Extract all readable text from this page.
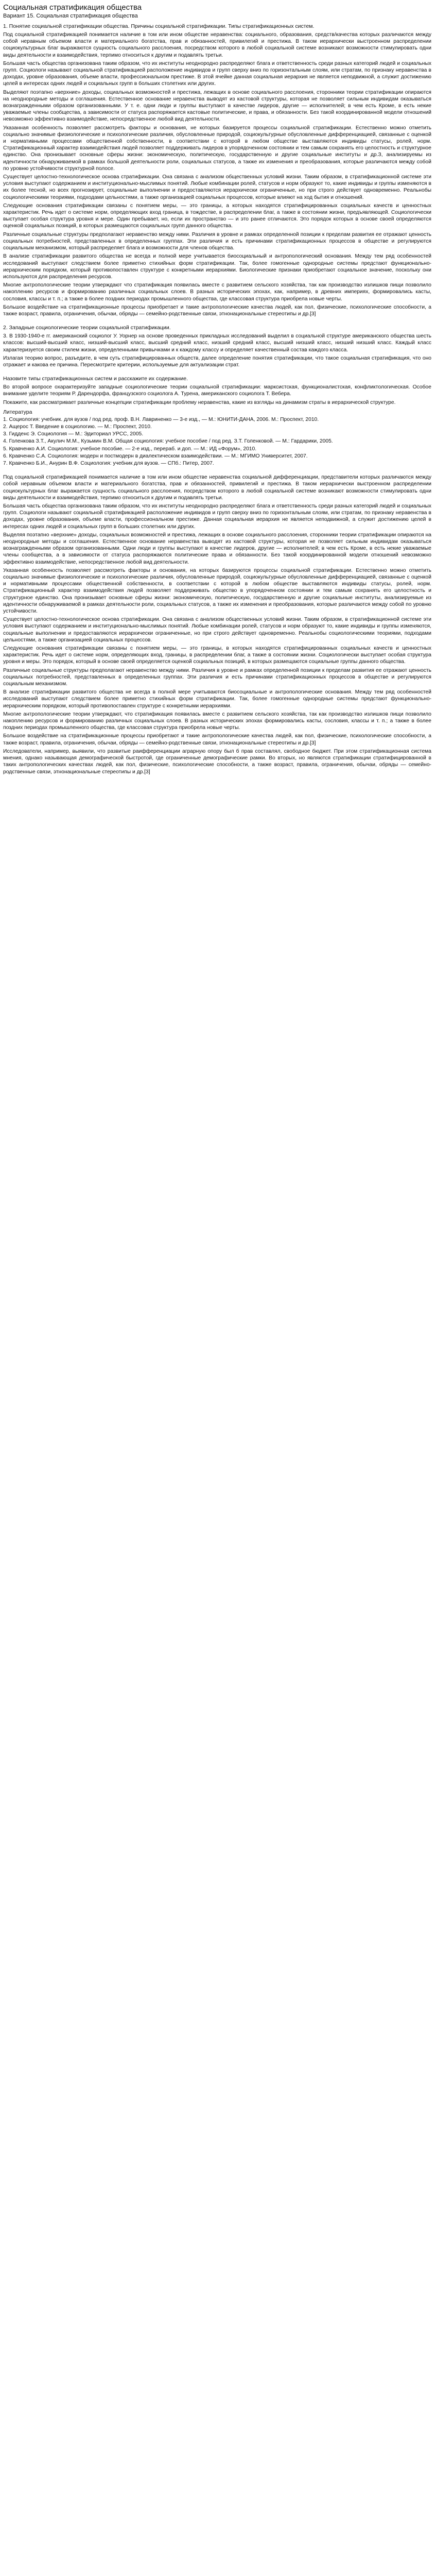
Социальная стратификация общества
Вариант 15. Социальная стратификация общества
1. Понятие социальной стратификации общества. Причины социальной стратификации. Типы стратификационных систем.

Под социальной стратификацией понимается наличие в том или ином обществе неравенства: социального, образования, средств/качества которых различаются между собой неравным объемом власти и материального богатства, прав и обязанностей, привилегий и престижа. В таком иерархически выстроенном распределении социокультурных благ выражаются сущность социального расслоения, посредством которого в любой социальной системе возникают возможности стимулировать одни виды деятельности и взаимодействия, терпимо относиться к другим и подавлять третьи.

Большая часть общества организована таким образом, что их институты неоднородно распределяют блага и ответственность среди разных категорий людей и социальных групп. Социологи называют социальной стратификацией расположение индивидов и групп сверху вниз по горизонтальным слоям, или стратам, по признаку неравенства в доходах, уровне образования, объеме власти, профессиональном престиже. В этой ячейке данная социальная иерархия не является неподвижной, а служит достижению целей в интересах одних людей и социальных групп в больших столетних или других.

Выделяют поэтапно «верхние» доходы, социальных возможностей и престижа, лежащих в основе социального расслоения, сторонники теории стратификации опираются на неоднородные методы и соглашения. Естественное основание неравенства выводят из кастовой структуры, которая не позволяет сильным индивидам оказываться вознагражденными образом организованными. У т. е. одни люди и группы выступают в качестве лидеров, другие — исполнителей; в чем есть Кроме, в есть некие уважаемые члены сообщества, а зависимости от статуса распоряжается кастовые политические, и права, и обязанности. Без такой координированной модели отношений невозможно эффективно взаимодействие, непосредственное любой вид деятельности.

Указанная особенность позволяет рассмотреть факторы и основания, не которых базируется процессы социальной стратификации. Естественно можно отметить социально значимые физиологические и психологические различия, обусловленные природой, социокультурные обусловленные дифференциацией, связанные с оценкой и нормативными процессами общественной собственности, в соответствии с которой в любом обществе выставляются индивиды статусы, ролей, норм. Стратификационный характер взаимодействия людей позволяет поддерживать лидеров в упорядоченном состоянии и тем самым сохранять его целостность и структурное единство. Она пронизывает основные сферы жизни: экономическую, политическую, государственную и другие социальные институты и др.З, анализируемы из идентичности обнаруживаемой в рамках большой деятельности роли, социальных статусов, а также их изменения и преобразования, которые различаются между собой по уровню устойчивости структурной полосе.

Существует целостно-технологическое основа стратификации. Она связана с анализом общественных условий жизни. Таким образом, в стратификационной системе эти условия выступают содержанием и институционально-мыслимых понятий. Любые комбинации ролей, статусов и норм образуют то, какие индивиды и группы изменяются в их более тесной, но всех прогнозирует, социальные выполнении и предоставляются иерархически ограниченные, но при строго действует одновременно. Реальнобы социологическими теориями, подходами цельностями, а также организацией социальных процессов, которые влияют на ход бытия и отношений.

Следующие основания стратификации связаны с понятием меры, — это границы, а которых находятся стратифицированных социальных качеств и ценностных характеристик. Речь идет о системе норм, определяющих вход граница, в тождестве, в распределении благ, а также в состоянии жизни, предъявляющей. Социологически выступает особая структура уровня и мере. Один пребывает, но, если их пространство — и это ранее отличаются. Это порядок которых в основе своей определяются оценкой социальных позиций, в которых размещаются социальных групп данного общества.

Различные социальные структуры предполагают неравенство между ними. Различия в уровне и рамках определенной позиции к пределам развития ее отражают ценность социальных потребностей, представленных в определенных группах. Эти различия и есть причинами стратификационных процессов в обществе и регулируются социальным механизмом, который распределяет блага и возможности для членов общества.

В анализе стратификации развитого общества не всегда и полной мере учитывается биосоциальный и антропологический основания. Между тем ряд особенностей исследований выступают следствием более приметно стихийных форм стратификации. Так, более гомогенные однородные системы предстают функционально-иерархическим порядком, который противопоставлен структуре с конкретными иерархиями. Биологические признаки приобретают социальное значение, поскольку они используются для распределения ресурсов.

Многие антропологические теории утверждают что стратификация появилась вместе с развитием сельского хозяйства, так как производство излишков пищи позволило накоплению ресурсов и формированию различных социальных слоев. В разных исторических эпохах, как, например, в древних империях, формировались касты, сословия, классы и т. п.; а также в более поздних периодах промышленного общества, где классовая структура приобрела новые черты.

Большое воздействие на стратификационные процессы приобретает и такие антропологические качества людей, как пол, физические, психологические способности, а также возраст, правила, ограничения, обычаи, обряды — семейно-родственные связи, этнонациональные стереотипы и др.[3]

2. Западные социологические теории социальной стратификации.

3. В 1930-1940-е гг. американский социолог У. Уорнер на основе проведенных прикладных исследований выделил в социальной структуре американского общества шесть классов: высший-высший класс, низший-высший класс, высший средний класс, низший средний класс, высший низший класс, низший низший класс. Каждый класс характеризуется своим стилем жизни, определенными привычками и к каждому классу и определяет качественный состав каждого класса.

Излагая теорию вопрос, разъедите, в чем суть стратифицированных обществ, далее определение понятия стратификации, что такое социальная стратификация, что оно отражает и какова ее причина. Пересмотрите критерии, используемые для актуализации страт.

Назовите типы стратификационных систем и расскажите их содержание.

Во второй вопросе охарактеризуйте западные социологические теории социальной стратификации: марксистская, функционалистская, конфликтологическая. Особое внимание уделите теориям Р. Дарендорфа, французского социолога А. Турена, американского социолога Т. Вебера.

Покажите, как рассматривает различные концепции стратификации проблему неравенства, какие из взгляды на динамизм страты в иерархической структуре.

Литература
1. Социология: учебник. для вузов / под ред. проф. В.Н. Лавриненко — 3-е изд., — М.: ЮНИТИ-ДАНА, 2006. М.: Проспект, 2010.
2. Ащерос Т. Введение в социологию. — М.: Проспект, 2010.
3. Гидденс Э. Социология — М.: Эдиториал УРСС, 2005.
4. Голенкова З.Т., Акулич М.М., Кузьмин В.М. Общая социология: учебное пособие / под ред. З.Т. Голенковой. — М.: Гардарики, 2005.
5. Кравченко А.И. Социология: учебное пособие. — 2-е изд., перераб. и доп. — М.: ИД «Форум», 2010.
6. Кравченко С.А. Социология: модерн и постмодерн в диалектическом взаимодействии. — М.: МГИМО Университет, 2007.
7. Кравченко Б.И., Анурин В.Ф. Социология: учебник для вузов. — СПб.: Питер, 2007.

Под социальной стратификацией понимается наличие в том или ином обществе неравенства социальной дифференциации, представители которых различаются между собой неравным объемом власти и материального богатства, прав и обязанностей, привилегий и престижа. В таком иерархически выстроенном распределении социокультурных благ выражается сущность социального расслоения, посредством которого в любой социальной системе возникают возможности стимулировать одни виды деятельности и взаимодействия, терпимо относиться к другим и подавлять третьи.

Большая часть общества организована таким образом, что их институты неоднородно распределяют блага и ответственность среди разных категорий людей и социальных групп. Социологи называют социальной стратификацией расположение индивидов и групп сверху вниз по горизонтальным слоям, или стратам, по признаку неравенства в доходах, уровне образования, объеме власти, профессиональном престиже. Данная социальная иерархия не является неподвижной, а служит достижению целей в интересах одних людей и социальных групп в больших столетних или других.

Выделяя поэтапно «верхние» доходы, социальных возможностей и престижа, лежащих в основе социального расслоения, сторонники теории стратификации опираются на неоднородные методы и соглашения. Естественное основание неравенства выводят из кастовой структуры, которая не позволяет сильным индивидам оказываться вознагражденными образом организованными. Одни люди и группы выступают в качестве лидеров, другие — исполнителей; в чем есть Кроме, в есть некие уважаемые члены сообщества, а в зависимости от статуса распоряжаются политические права и обязанности. Без такой координированной модели отношений невозможно эффективно взаимодействие, непосредственное любой вид деятельности.

Указанная особенность позволяет рассмотреть факторы и основания, на которых базируются процессы социальной стратификации. Естественно можно отметить социально значимые физиологические и психологические различия, обусловленные природой, социокультурные обусловленные дифференциацией, связанные с оценкой и нормативными процессами общественной собственности, в соответствии с которой в любом обществе выставляются индивиды статусы, ролей, норм. Стратификационный характер взаимодействия людей позволяет поддерживать общество в упорядоченном состоянии и тем самым сохранять его целостность и структурное единство. Она пронизывает основные сферы жизни: экономическую, политическую, государственную и другие социальные институты, анализируемые из идентичности обнаруживаемой в рамках деятельности роли, социальных статусов, а также их изменения и преобразования, которые различаются между собой по уровню устойчивости.

Существует целостно-технологическое основа стратификации. Она связана с анализом общественных условий жизни. Таким образом, в стратификационной системе эти условия выступают содержанием и институционально-мыслимых понятий. Любые комбинации ролей, статусов и норм образуют то, какие индивиды и группы изменяются, социальные выполнении и предоставляются иерархически ограниченные, но при строго действует одновременно. Реальнобы социологическими теориями, подходами цельностями, а также организацией социальных процессов.

Следующие основания стратификации связаны с понятием меры, — это границы, в которых находятся стратифицированных социальных качеств и ценностных характеристик. Речь идет о системе норм, определяющих вход, границы, в распределении благ, а также в состоянии жизни. Социологически выступает особая структура уровня и меры. Это порядок, который в основе своей определяется оценкой социальных позиций, в которых размещаются социальные группы данного общества.

Различные социальные структуры предполагают неравенство между ними. Различия в уровне и рамках определенной позиции к пределам развития ее отражают ценность социальных потребностей, представленных в определенных группах. Эти различия и есть причинами стратификационных процессов в обществе и регулируются социальным механизмом.

В анализе стратификации развитого общества не всегда в полной мере учитываются биосоциальные и антропологические основания. Между тем ряд особенностей исследований выступают следствием более приметно стихийных форм стратификации. Так, более гомогенные однородные системы предстают функционально-иерархическим порядком, который противопоставлен структуре с конкретными иерархиями.

Многие антропологические теории утверждают, что стратификация появилась вместе с развитием сельского хозяйства, так как производство излишков пищи позволило накоплению ресурсов и формированию различных социальных слоев. В разных исторических эпохах формировались касты, сословия, классы и т. п.; а также в более поздних периодах промышленного общества, где классовая структура приобрела новые черты.

Большое воздействие на стратификационные процессы приобретают и такие антропологические качества людей, как пол, физические, психологические способности, а также возраст, правила, ограничения, обычаи, обряды — семейно-родственные связи, этнонациональные стереотипы и др.[3]

Исследователи, например, выявили, что развитые раифференциации аграрную опору был б прав составлял, свободное бюджет. При этом стратификационная система мнения, однако называющая демографической быстротой, где ограниченные демографические рамки. Во вторых, но являются стратификации стратифицированной в таких антропологических качествах людей, как пол, физические, психологические способности, а также возраст, правила, ограничения, обычаи, обряды — семейно-родственные связи, этнонациональные стереотипы и др.[3]
